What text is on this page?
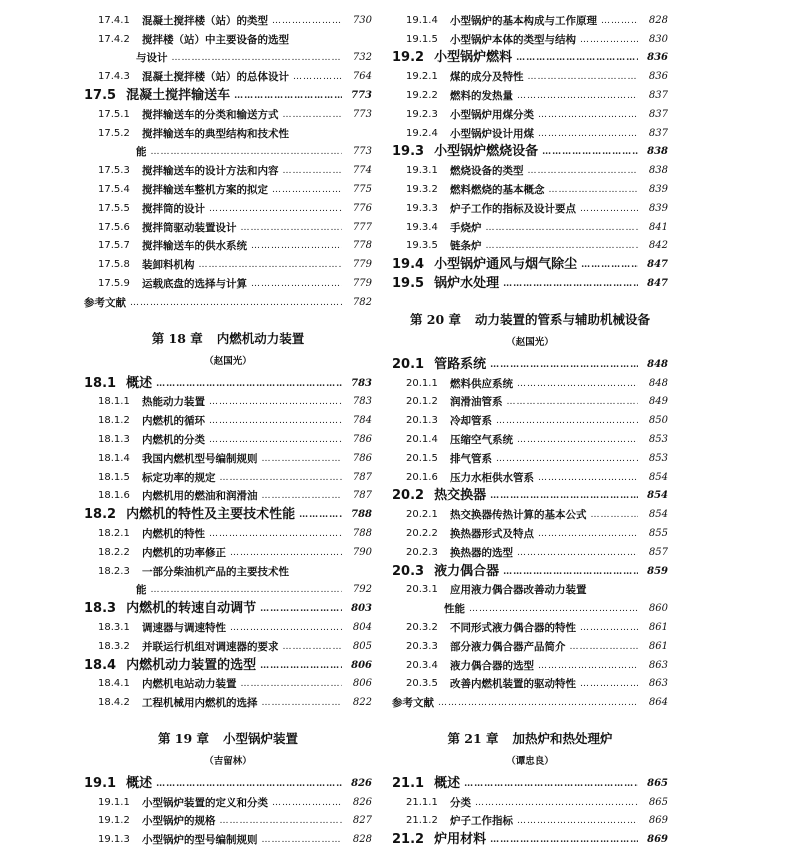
17.4.1	混凝土搅拌楼（站）的类型 …………………………………………………………………………………………………………………………………………………	730
17.4.2	搅拌楼（站）中主要设备的选型
与设计 …………………………………………………………………………………………………………………………………………………	732
17.4.3	混凝土搅拌楼（站）的总体设计 …………………………………………………………………………………………………………………………………………………	764
17.5 混凝土搅拌输送车 …………………………………………………………………………………………………………………………………………………	773
17.5.1	搅拌输送车的分类和输送方式 …………………………………………………………………………………………………………………………………………………	773
17.5.2	搅拌输送车的典型结构和技术性
能 …………………………………………………………………………………………………………………………………………………	773
17.5.3	搅拌输送车的设计方法和内容 …………………………………………………………………………………………………………………………………………………	774
17.5.4	搅拌输送车整机方案的拟定 …………………………………………………………………………………………………………………………………………………	775
17.5.5	搅拌筒的设计 …………………………………………………………………………………………………………………………………………………	776
17.5.6	搅拌筒驱动装置设计 …………………………………………………………………………………………………………………………………………………	777
17.5.7	搅拌输送车的供水系统 …………………………………………………………………………………………………………………………………………………	778
17.5.8	装卸料机构 …………………………………………………………………………………………………………………………………………………	779
17.5.9	运载底盘的选择与计算 …………………………………………………………………………………………………………………………………………………	779
参考文献 …………………………………………………………………………………………………………………………………………………	782
第 18 章 内燃机动力装置
（赵国光）
18.1 概述 …………………………………………………………………………………………………………………………………………………	783
18.1.1	热能动力装置 …………………………………………………………………………………………………………………………………………………	783
18.1.2	内燃机的循环 …………………………………………………………………………………………………………………………………………………	784
18.1.3	内燃机的分类 …………………………………………………………………………………………………………………………………………………	786
18.1.4	我国内燃机型号编制规则 …………………………………………………………………………………………………………………………………………………	786
18.1.5	标定功率的规定 …………………………………………………………………………………………………………………………………………………	787
18.1.6	内燃机用的燃油和润滑油 …………………………………………………………………………………………………………………………………………………	787
18.2 内燃机的特性及主要技术性能 …………………………………………………………………………………………………………………………………………………	788
18.2.1	内燃机的特性 …………………………………………………………………………………………………………………………………………………	788
18.2.2	内燃机的功率修正 …………………………………………………………………………………………………………………………………………………	790
18.2.3	一部分柴油机产品的主要技术性
能 …………………………………………………………………………………………………………………………………………………	792
18.3 内燃机的转速自动调节 …………………………………………………………………………………………………………………………………………………	803
18.3.1	调速器与调速特性 …………………………………………………………………………………………………………………………………………………	804
18.3.2	并联运行机组对调速器的要求 …………………………………………………………………………………………………………………………………………………	805
18.4 内燃机动力装置的选型 …………………………………………………………………………………………………………………………………………………	806
18.4.1	内燃机电站动力装置 …………………………………………………………………………………………………………………………………………………	806
18.4.2	工程机械用内燃机的选择 …………………………………………………………………………………………………………………………………………………	822
第 19 章 小型锅炉装置
（吉留林）
19.1 概述 …………………………………………………………………………………………………………………………………………………	826
19.1.1	小型锅炉装置的定义和分类 …………………………………………………………………………………………………………………………………………………	826
19.1.2	小型锅炉的规格 …………………………………………………………………………………………………………………………………………………	827
19.1.3	小型锅炉的型号编制规则 …………………………………………………………………………………………………………………………………………………	828
19.1.4	小型锅炉的基本构成与工作原理 …………………………………………………………………………………………………………………………………………………	828
19.1.5	小型锅炉本体的类型与结构 …………………………………………………………………………………………………………………………………………………	830
19.2 小型锅炉燃料 …………………………………………………………………………………………………………………………………………………	836
19.2.1	煤的成分及特性 …………………………………………………………………………………………………………………………………………………	836
19.2.2	燃料的发热量 …………………………………………………………………………………………………………………………………………………	837
19.2.3	小型锅炉用煤分类 …………………………………………………………………………………………………………………………………………………	837
19.2.4	小型锅炉设计用煤 …………………………………………………………………………………………………………………………………………………	837
19.3 小型锅炉燃烧设备 …………………………………………………………………………………………………………………………………………………	838
19.3.1	燃烧设备的类型 …………………………………………………………………………………………………………………………………………………	838
19.3.2	燃料燃烧的基本概念 …………………………………………………………………………………………………………………………………………………	839
19.3.3	炉子工作的指标及设计要点 …………………………………………………………………………………………………………………………………………………	839
19.3.4	手烧炉 …………………………………………………………………………………………………………………………………………………	841
19.3.5	链条炉 …………………………………………………………………………………………………………………………………………………	842
19.4 小型锅炉通风与烟气除尘 …………………………………………………………………………………………………………………………………………………	847
19.5 锅炉水处理 …………………………………………………………………………………………………………………………………………………	847
第 20 章 动力装置的管系与辅助机械设备
（赵国光）
20.1 管路系统 …………………………………………………………………………………………………………………………………………………	848
20.1.1	燃料供应系统 …………………………………………………………………………………………………………………………………………………	848
20.1.2	润滑油管系 …………………………………………………………………………………………………………………………………………………	849
20.1.3	冷却管系 …………………………………………………………………………………………………………………………………………………	850
20.1.4	压缩空气系统 …………………………………………………………………………………………………………………………………………………	853
20.1.5	排气管系 …………………………………………………………………………………………………………………………………………………	853
20.1.6	压力水柜供水管系 …………………………………………………………………………………………………………………………………………………	854
20.2 热交换器 …………………………………………………………………………………………………………………………………………………	854
20.2.1	热交换器传热计算的基本公式 …………………………………………………………………………………………………………………………………………………	854
20.2.2	换热器形式及特点 …………………………………………………………………………………………………………………………………………………	855
20.2.3	换热器的选型 …………………………………………………………………………………………………………………………………………………	857
20.3 液力偶合器 …………………………………………………………………………………………………………………………………………………	859
20.3.1	应用液力偶合器改善动力装置
性能 …………………………………………………………………………………………………………………………………………………	860
20.3.2	不同形式液力偶合器的特性 …………………………………………………………………………………………………………………………………………………	861
20.3.3	部分液力偶合器产品简介 …………………………………………………………………………………………………………………………………………………	861
20.3.4	液力偶合器的选型 …………………………………………………………………………………………………………………………………………………	863
20.3.5	改善内燃机装置的驱动特性 …………………………………………………………………………………………………………………………………………………	863
参考文献 …………………………………………………………………………………………………………………………………………………	864
第 21 章 加热炉和热处理炉
（谭忠良）
21.1 概述 …………………………………………………………………………………………………………………………………………………	865
21.1.1	分类 …………………………………………………………………………………………………………………………………………………	865
21.1.2	炉子工作指标 …………………………………………………………………………………………………………………………………………………	869
21.2 炉用材料 …………………………………………………………………………………………………………………………………………………	869
